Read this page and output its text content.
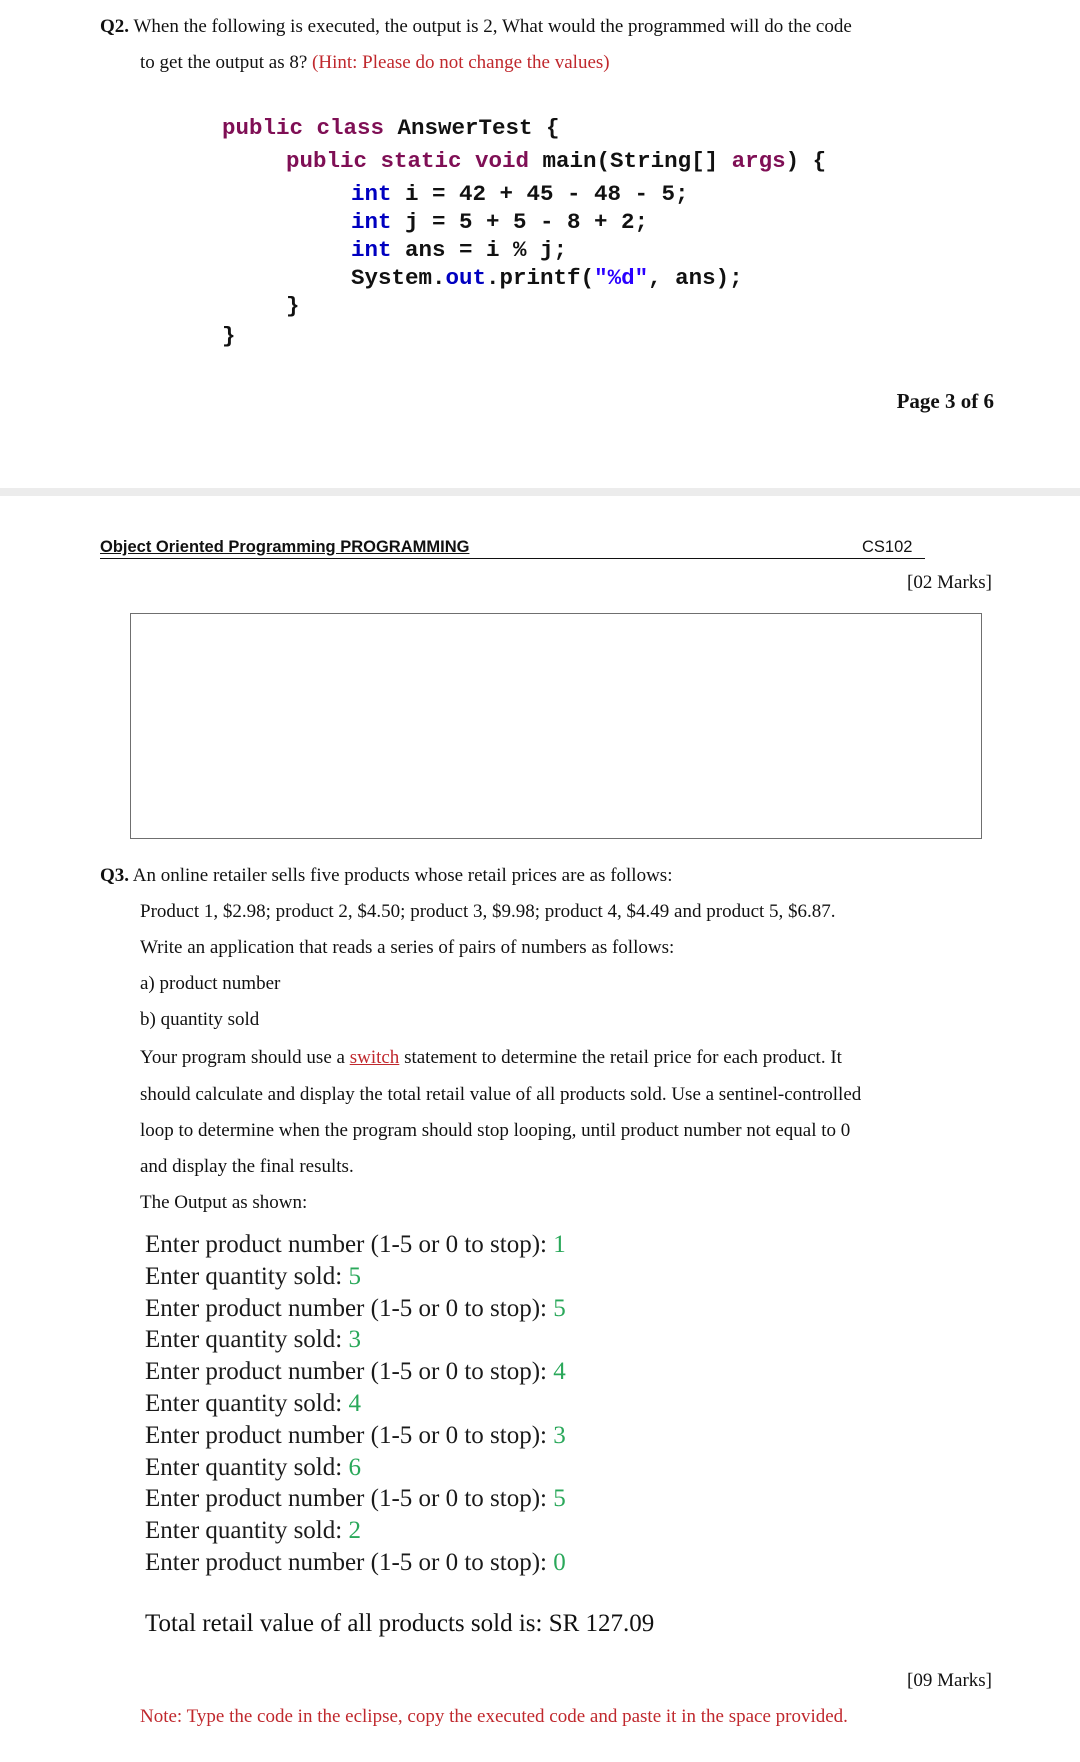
Q2. When the following is executed, the output is 2, What would the programmed will do the code
to get the output as 8? (Hint: Please do not change the values)
public class AnswerTest {
public static void main(String[] args) {
int i = 42 + 45 - 48 - 5;
int j = 5 + 5 - 8 + 2;
int ans = i % j;
System.out.printf("%d", ans);
}
}
Page 3 of 6
Object Oriented Programming PROGRAMMING	CS102
[02 Marks]
Q3. An online retailer sells five products whose retail prices are as follows:
Product 1, $2.98; product 2, $4.50; product 3, $9.98; product 4, $4.49 and product 5, $6.87.
Write an application that reads a series of pairs of numbers as follows:
a) product number
b) quantity sold
Your program should use a switch statement to determine the retail price for each product. It
should calculate and display the total retail value of all products sold. Use a sentinel-controlled
loop to determine when the program should stop looping, until product number not equal to 0
and display the final results.
The Output as shown:
Enter product number (1-5 or 0 to stop): 1
Enter quantity sold: 5
Enter product number (1-5 or 0 to stop): 5
Enter quantity sold: 3
Enter product number (1-5 or 0 to stop): 4
Enter quantity sold: 4
Enter product number (1-5 or 0 to stop): 3
Enter quantity sold: 6
Enter product number (1-5 or 0 to stop): 5
Enter quantity sold: 2
Enter product number (1-5 or 0 to stop): 0
Total retail value of all products sold is: SR 127.09
[09 Marks]
Note: Type the code in the eclipse, copy the executed code and paste it in the space provided.
